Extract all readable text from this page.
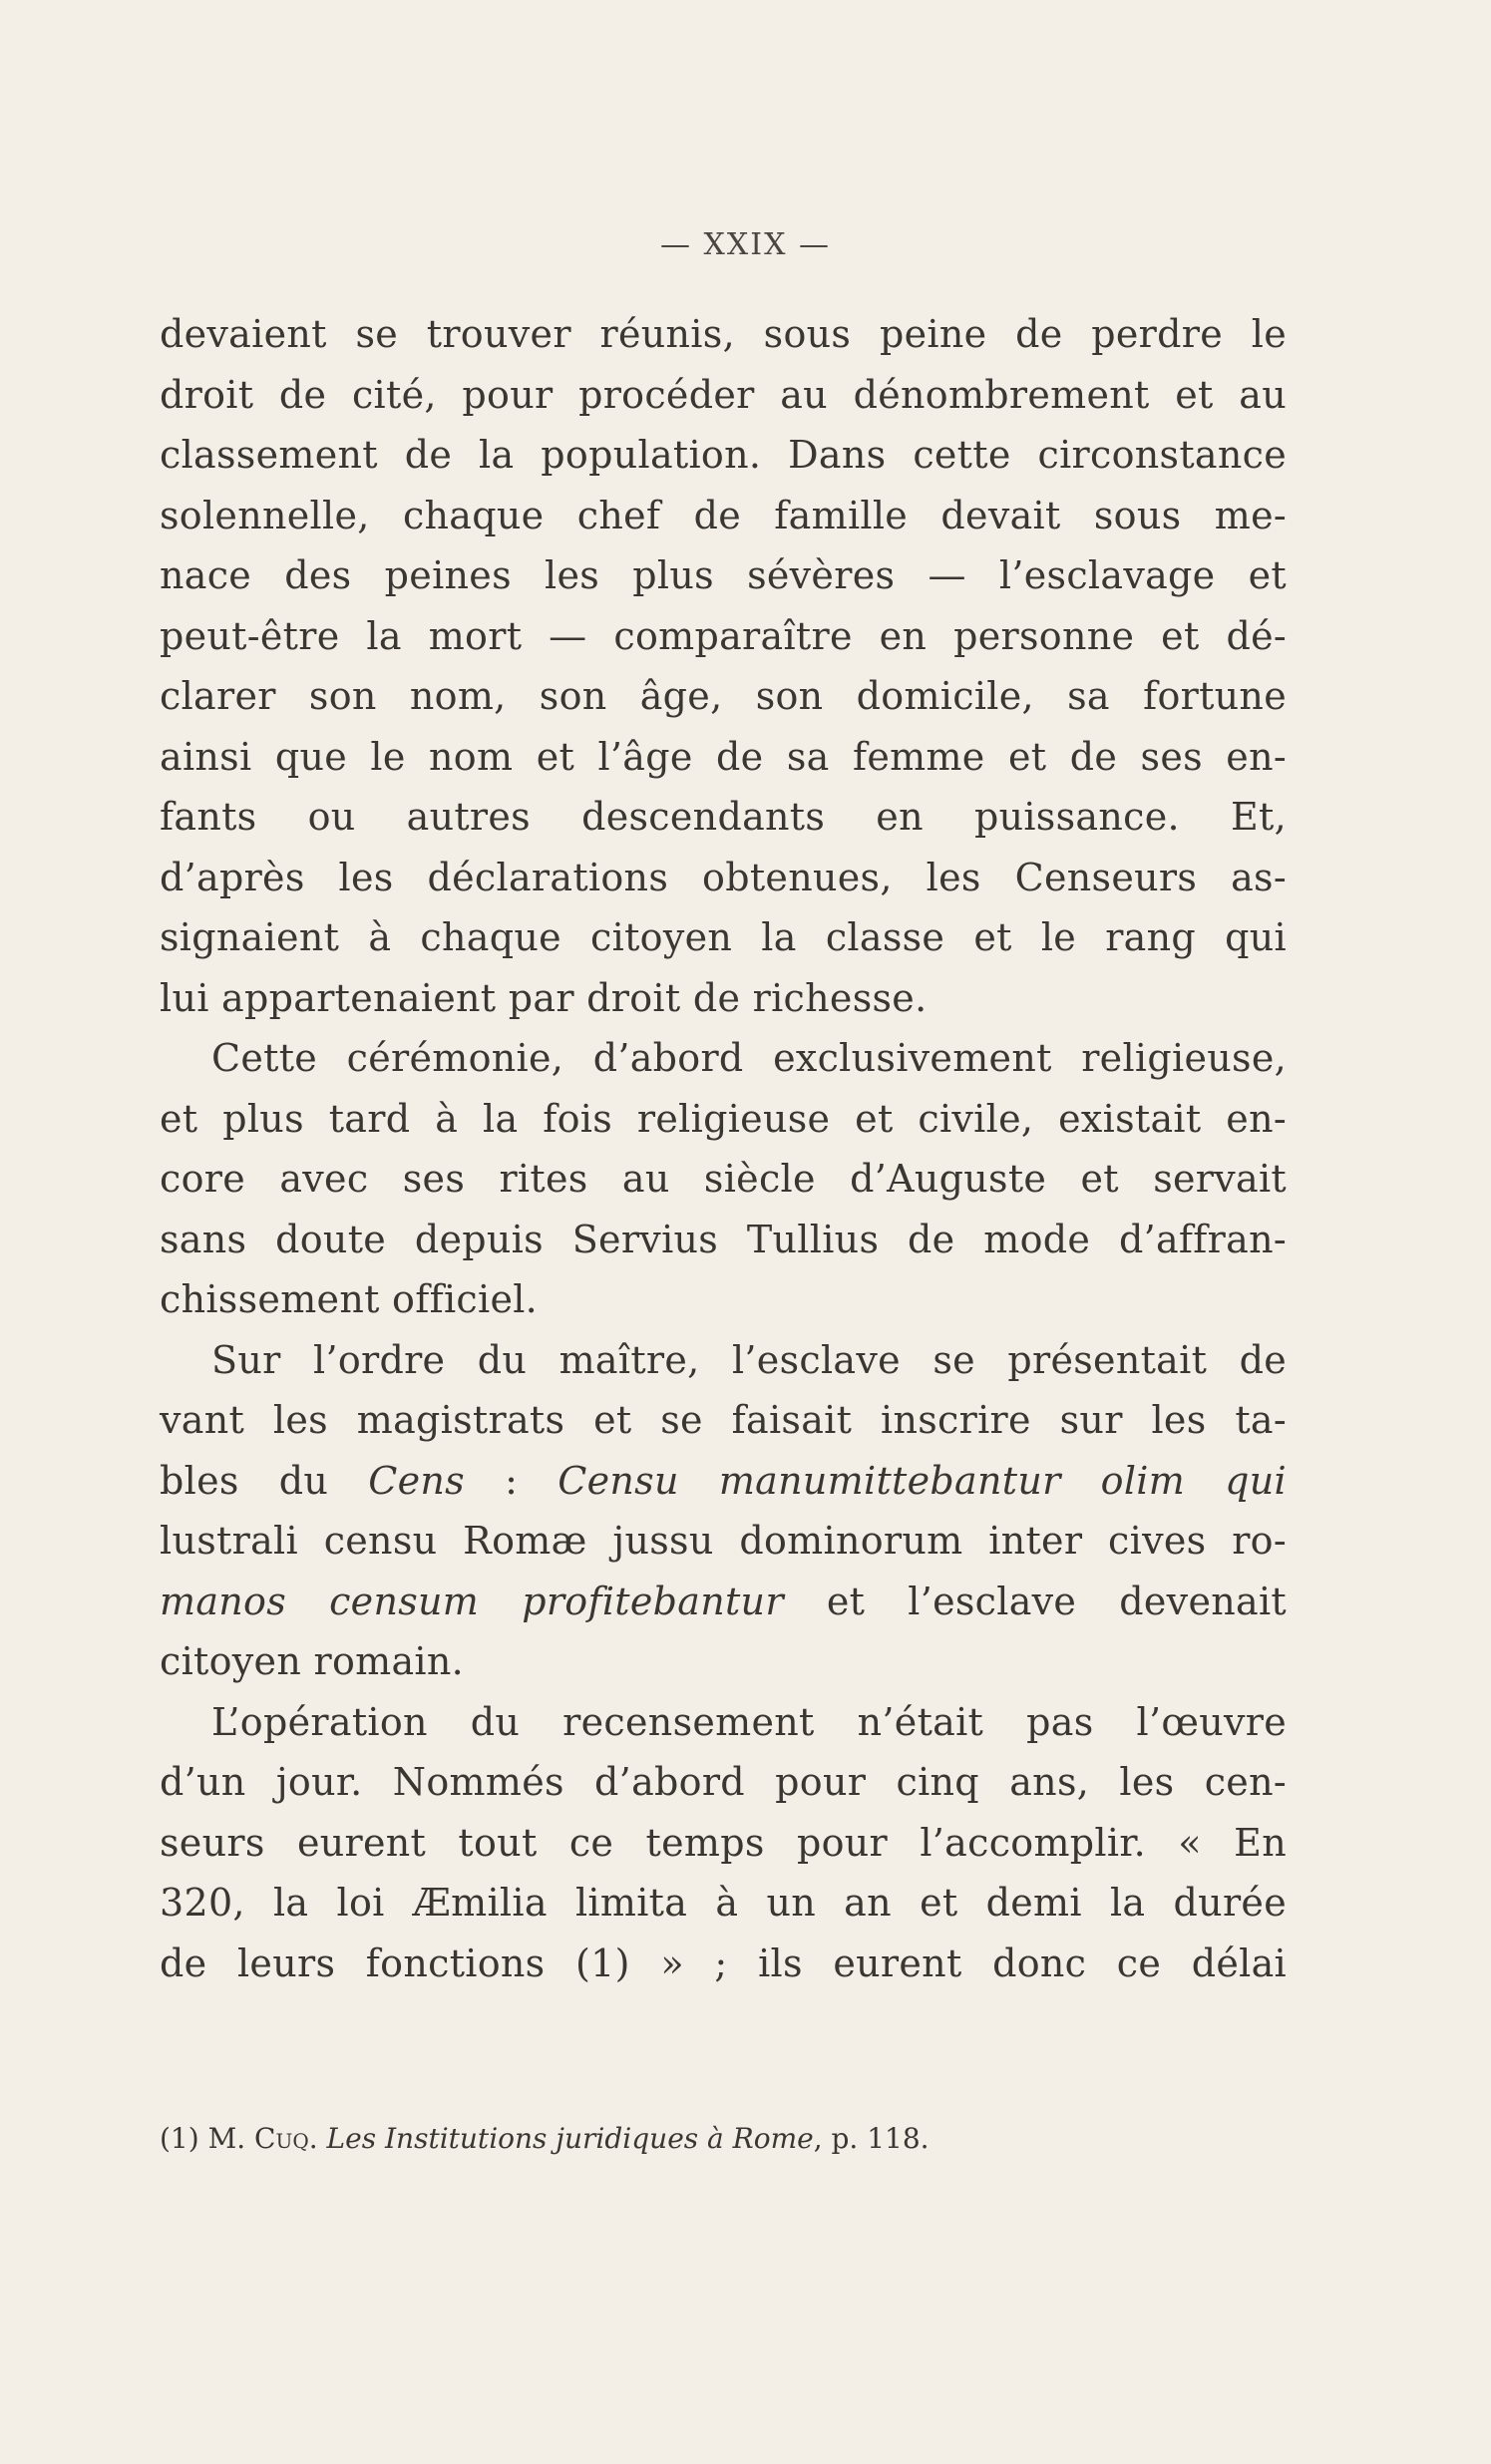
— XXIX —
devaient se trouver réunis, sous peine de perdre le
droit de cité, pour procéder au dénombrement et au
classement de la population. Dans cette circonstance
solennelle, chaque chef de famille devait sous me-
nace des peines les plus sévères — l’esclavage et
peut-être la mort — comparaître en personne et dé-
clarer son nom, son âge, son domicile, sa fortune
ainsi que le nom et l’âge de sa femme et de ses en-
fants ou autres descendants en puissance. Et,
d’après les déclarations obtenues, les Censeurs as-
signaient à chaque citoyen la classe et le rang qui
lui appartenaient par droit de richesse.
Cette cérémonie, d’abord exclusivement religieuse,
et plus tard à la fois religieuse et civile, existait en-
core avec ses rites au siècle d’Auguste et servait
sans doute depuis Servius Tullius de mode d’affran-
chissement officiel.
Sur l’ordre du maître, l’esclave se présentait de
vant les magistrats et se faisait inscrire sur les ta-
bles du Cens : Censu manumittebantur olim qui
lustrali censu Romæ jussu dominorum inter cives ro-
manos censum profitebantur et l’esclave devenait
citoyen romain.
L’opération du recensement n’était pas l’œuvre
d’un jour. Nommés d’abord pour cinq ans, les cen-
seurs eurent tout ce temps pour l’accomplir. « En
320, la loi Æmilia limita à un an et demi la durée
de leurs fonctions (1) » ; ils eurent donc ce délai
(1) M. Cuq. Les Institutions juridiques à Rome, p. 118.
